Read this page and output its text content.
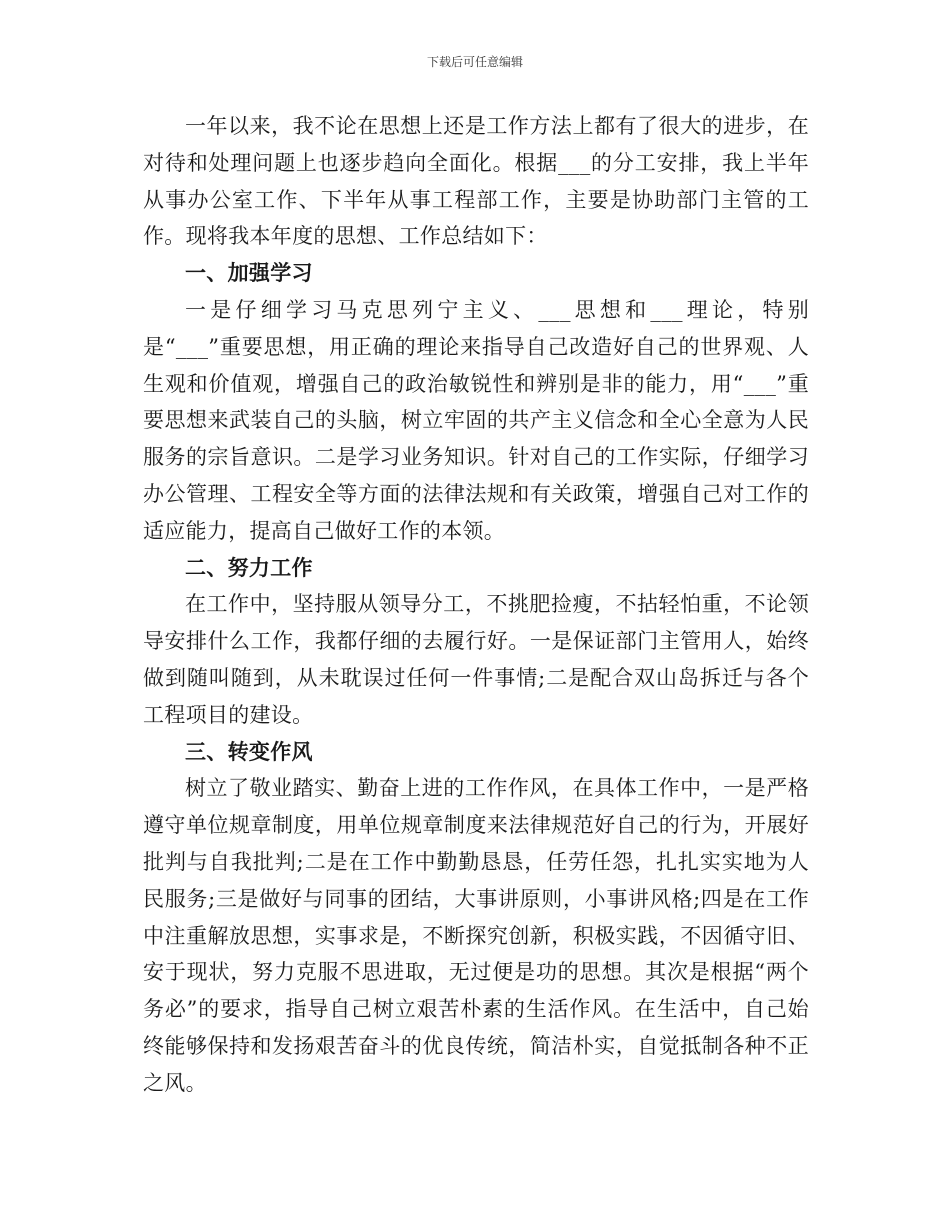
下载后可任意编辑

一年以来，我不论在思想上还是工作方法上都有了很大的进步，在对待和处理问题上也逐步趋向全面化。根据___的分工安排，我上半年从事办公室工作、下半年从事工程部工作，主要是协助部门主管的工作。现将我本年度的思想、工作总结如下：

一、加强学习

一是仔细学习马克思列宁主义、___思想和___理论，特别是“___”重要思想，用正确的理论来指导自己改造好自己的世界观、人生观和价值观，增强自己的政治敏锐性和辨别是非的能力，用“___”重要思想来武装自己的头脑，树立牢固的共产主义信念和全心全意为人民服务的宗旨意识。二是学习业务知识。针对自己的工作实际，仔细学习办公管理、工程安全等方面的法律法规和有关政策，增强自己对工作的适应能力，提高自己做好工作的本领。

二、努力工作

在工作中，坚持服从领导分工，不挑肥捡瘦，不拈轻怕重，不论领导安排什么工作，我都仔细的去履行好。一是保证部门主管用人，始终做到随叫随到，从未耽误过任何一件事情;二是配合双山岛拆迁与各个工程项目的建设。

三、转变作风

树立了敬业踏实、勤奋上进的工作作风，在具体工作中，一是严格遵守单位规章制度，用单位规章制度来法律规范好自己的行为，开展好批判与自我批判;二是在工作中勤勤恳恳，任劳任怨，扎扎实实地为人民服务;三是做好与同事的团结，大事讲原则，小事讲风格;四是在工作中注重解放思想，实事求是，不断探究创新，积极实践，不因循守旧、安于现状，努力克服不思进取，无过便是功的思想。其次是根据“两个务必”的要求，指导自己树立艰苦朴素的生活作风。在生活中，自己始终能够保持和发扬艰苦奋斗的优良传统，简洁朴实，自觉抵制各种不正之风。
